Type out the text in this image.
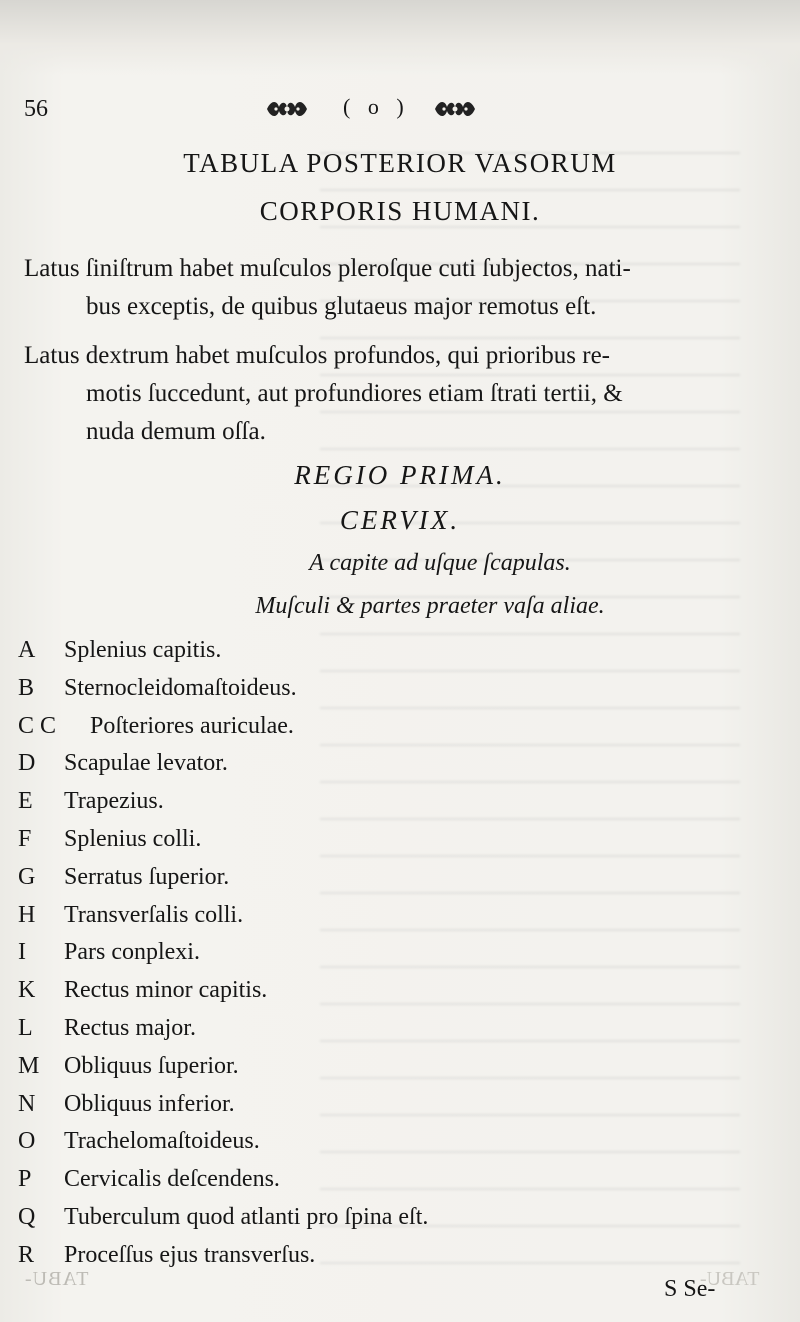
56	( o )
TABULA POSTERIOR VASORUM
CORPORIS HUMANI.
Latus ſiniſtrum habet muſculos pleroſque cuti ſubjectos, nati-
bus exceptis, de quibus glutaeus major remotus eſt.
Latus dextrum habet muſculos profundos, qui prioribus re-
motis ſuccedunt, aut profundiores etiam ſtrati tertii, &
nuda demum oſſa.
REGIO PRIMA.
CERVIX.
A capite ad uſque ſcapulas.
Muſculi & partes praeter vaſa aliae.
A	Splenius capitis.
B	Sternocleidomaſtoideus.
C C	Poſteriores auriculae.
D	Scapulae levator.
E	Trapezius.
F	Splenius colli.
G	Serratus ſuperior.
H	Transverſalis colli.
I	Pars conplexi.
K	Rectus minor capitis.
L	Rectus major.
M	Obliquus ſuperior.
N	Obliquus inferior.
O	Trachelomaſtoideus.
P	Cervicalis deſcendens.
Q	Tuberculum quod atlanti pro ſpina eſt.
R	Proceſſus ejus transverſus.
TABU-	TABU-
S Se-
